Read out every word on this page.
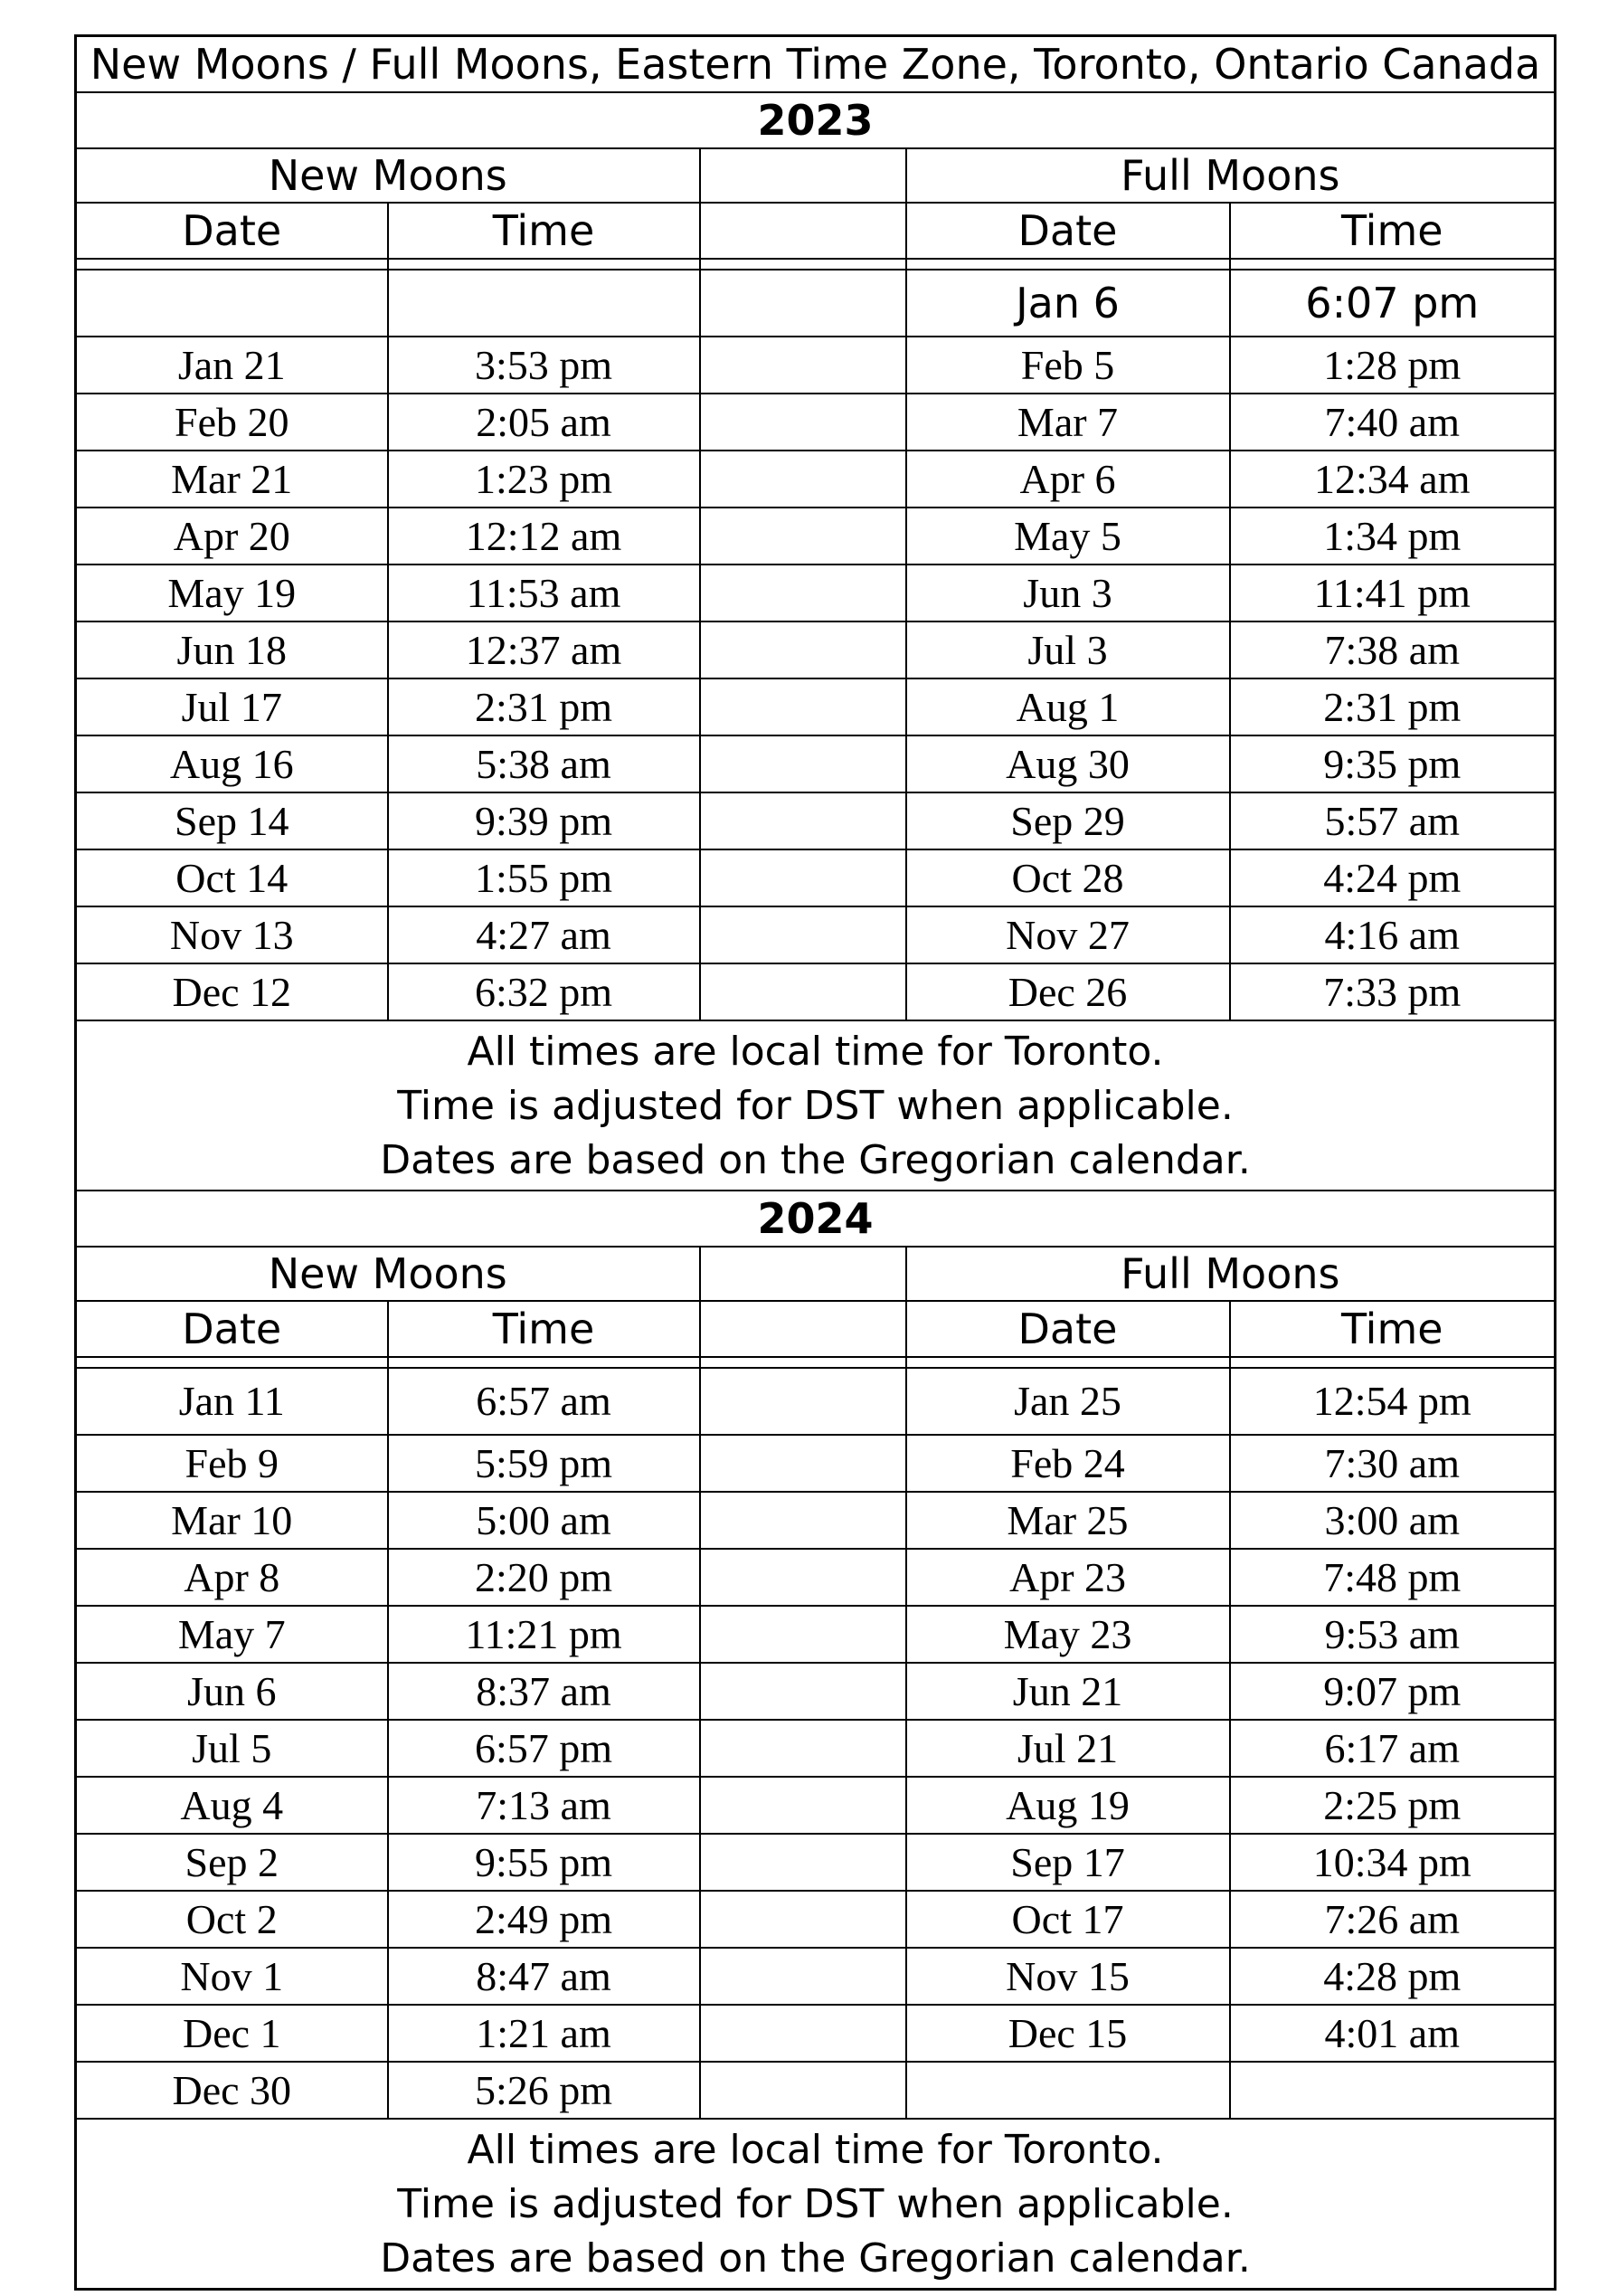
New Moons / Full Moons, Eastern Time Zone, Toronto, Ontario Canada				
2023				
New Moons			Full Moons	
Date	Time		Date	Time

			Jan 6	6:07 pm
Jan 21	3:53 pm		Feb 5	1:28 pm
Feb 20	2:05 am		Mar 7	7:40 am
Mar 21	1:23 pm		Apr 6	12:34 am
Apr 20	12:12 am		May 5	1:34 pm
May 19	11:53 am		Jun 3	11:41 pm
Jun 18	12:37 am		Jul 3	7:38 am
Jul 17	2:31 pm		Aug 1	2:31 pm
Aug 16	5:38 am		Aug 30	9:35 pm
Sep 14	9:39 pm		Sep 29	5:57 am
Oct 14	1:55 pm		Oct 28	4:24 pm
Nov 13	4:27 am		Nov 27	4:16 am
Dec 12	6:32 pm		Dec 26	7:33 pm

All times are local time for Toronto.
Time is adjusted for DST when applicable.
Dates are based on the Gregorian calendar.				

2024				
New Moons			Full Moons	
Date	Time		Date	Time

Jan 11	6:57 am		Jan 25	12:54 pm
Feb 9	5:59 pm		Feb 24	7:30 am
Mar 10	5:00 am		Mar 25	3:00 am
Apr 8	2:20 pm		Apr 23	7:48 pm
May 7	11:21 pm		May 23	9:53 am
Jun 6	8:37 am		Jun 21	9:07 pm
Jul 5	6:57 pm		Jul 21	6:17 am
Aug 4	7:13 am		Aug 19	2:25 pm
Sep 2	9:55 pm		Sep 17	10:34 pm
Oct 2	2:49 pm		Oct 17	7:26 am
Nov 1	8:47 am		Nov 15	4:28 pm
Dec 1	1:21 am		Dec 15	4:01 am
Dec 30	5:26 pm			

All times are local time for Toronto.
Time is adjusted for DST when applicable.
Dates are based on the Gregorian calendar.				
